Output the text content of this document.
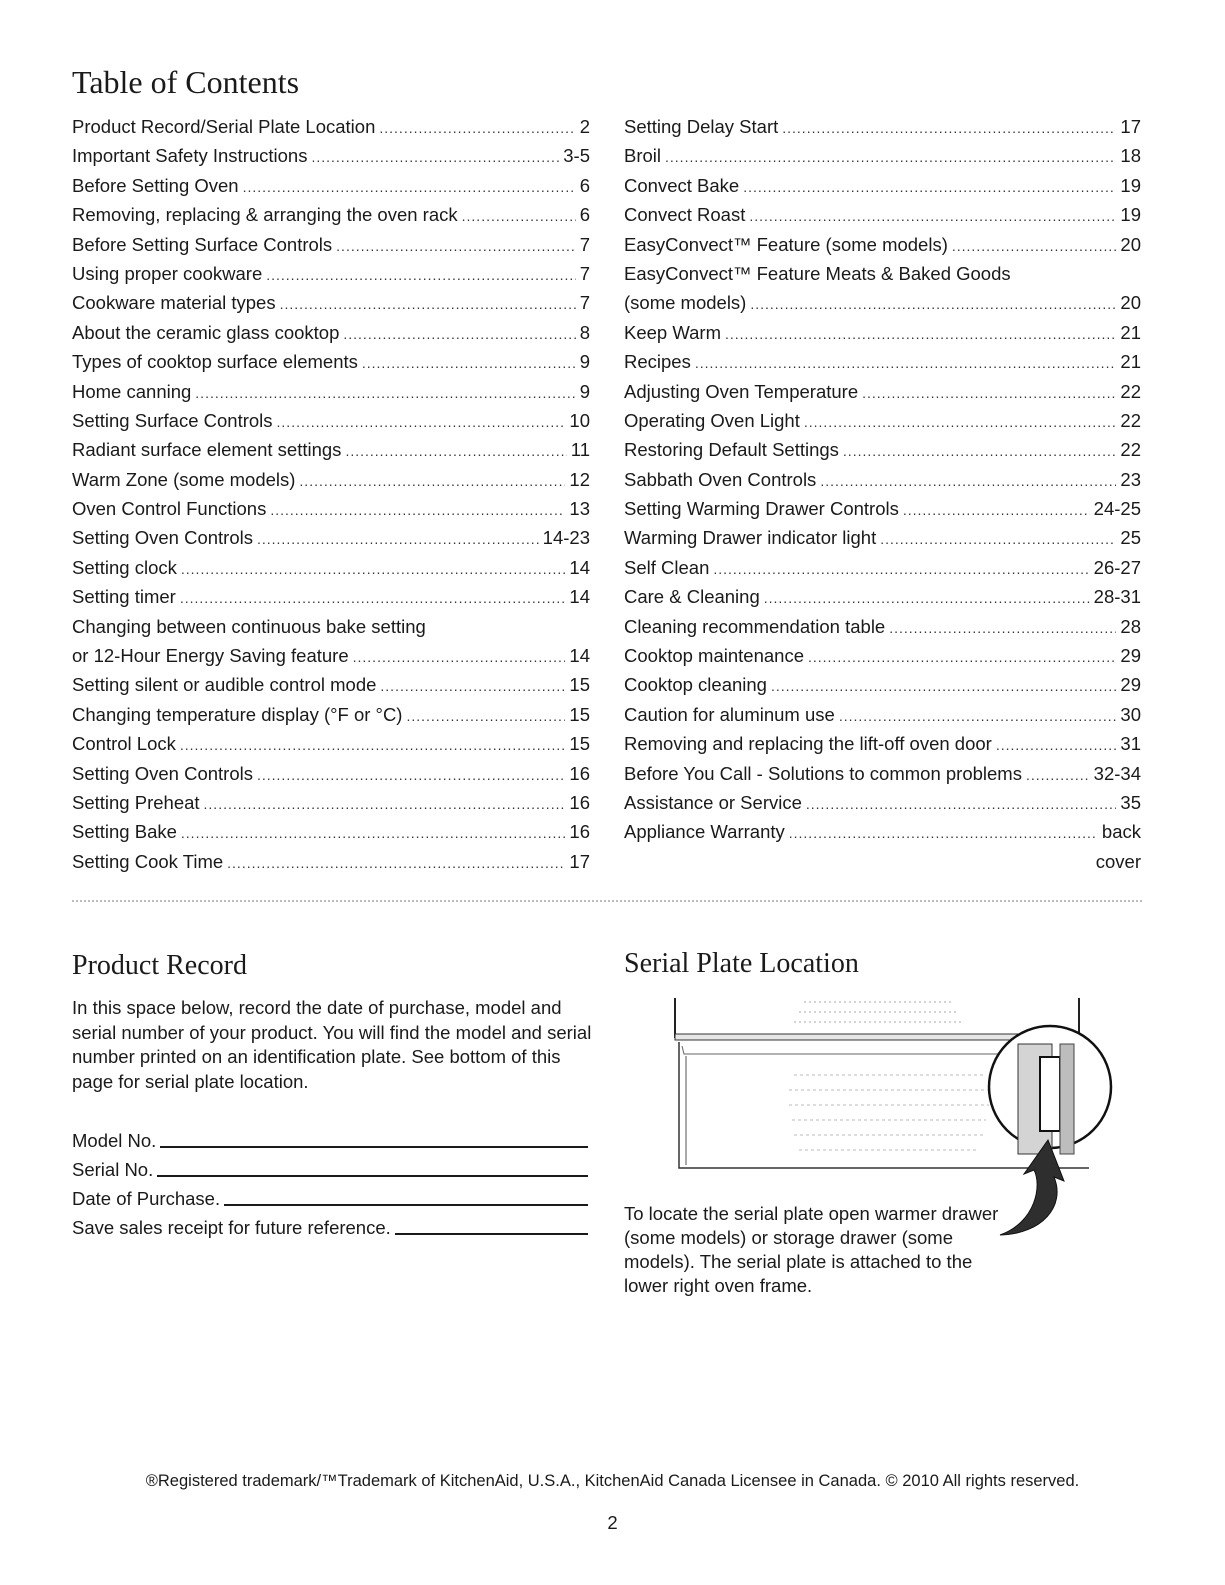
Table of Contents
Product Record/Serial Plate Location .....	2
Important Safety Instructions .....	3-5
Before Setting Oven .....	6
Removing, replacing & arranging the oven rack .....	6
Before Setting Surface Controls .....	7
Using proper cookware .....	7
Cookware material types .....	7
About the ceramic glass cooktop .....	8
Types of cooktop surface elements .....	9
Home canning .....	9
Setting Surface Controls .....	10
Radiant surface element settings .....	11
Warm Zone (some models) .....	12
Oven Control Functions .....	13
Setting Oven Controls .....	14-23
Setting clock .....	14
Setting timer .....	14
Changing between continuous bake setting
or 12-Hour Energy Saving feature .....	14
Setting silent or audible control mode .....	15
Changing temperature display (°F or °C) .....	15
Control Lock .....	15
Setting Oven Controls .....	16
Setting Preheat .....	16
Setting Bake .....	16
Setting Cook Time .....	17
Setting Delay Start .....	17
Broil .....	18
Convect Bake .....	19
Convect Roast .....	19
EasyConvect™ Feature (some models) .....	20
EasyConvect™ Feature Meats & Baked Goods
(some models) .....	20
Keep Warm .....	21
Recipes .....	21
Adjusting Oven Temperature .....	22
Operating Oven Light .....	22
Restoring Default Settings .....	22
Sabbath Oven Controls .....	23
Setting Warming Drawer Controls .....	24-25
Warming Drawer indicator light .....	25
Self Clean .....	26-27
Care & Cleaning .....	28-31
Cleaning recommendation table .....	28
Cooktop maintenance .....	29
Cooktop cleaning .....	29
Caution for aluminum use .....	30
Removing and replacing the lift-off oven door .....	31
Before You Call - Solutions to common problems .....	32-34
Assistance or Service .....	35
Appliance Warranty .....	back
cover
Product Record
In this space below, record the date of purchase, model and serial number of your product. You will find the model and serial number printed on an identification plate. See bottom of this page for serial plate location.
Model No.
Serial No.
Date of Purchase.
Save sales receipt for future reference.
Serial Plate Location
To locate the serial plate open warmer drawer (some models) or storage drawer (some models). The serial plate is attached to the lower right oven frame.
®Registered trademark/™Trademark of KitchenAid, U.S.A., KitchenAid Canada Licensee in Canada. © 2010 All rights reserved.
2
